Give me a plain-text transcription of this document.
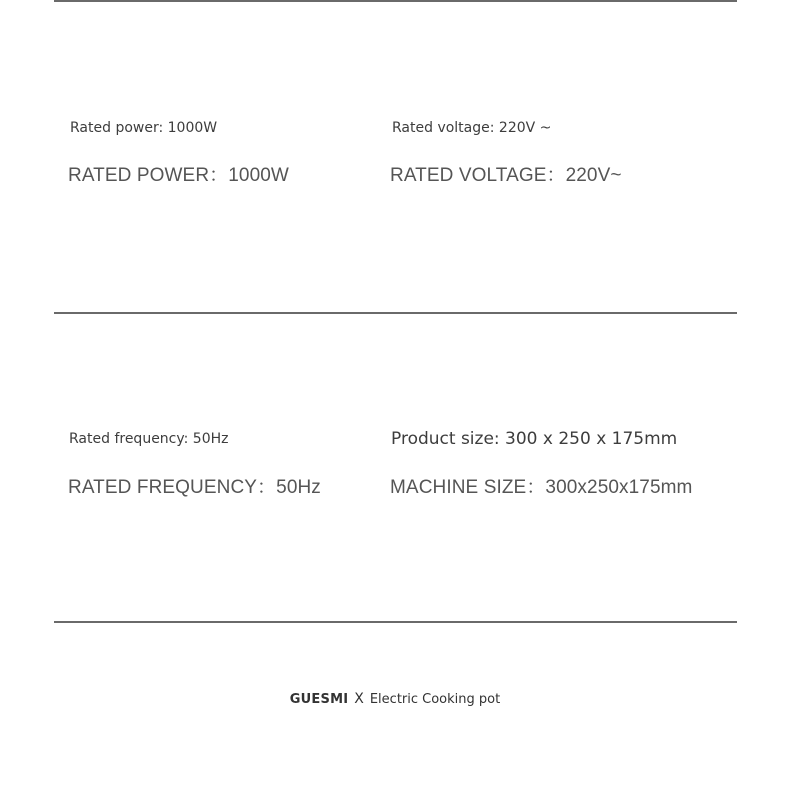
Rated power: 1000W
RATED POWER：1000W
Rated voltage: 220V ~
RATED VOLTAGE：220V~
Rated frequency: 50Hz
RATED FREQUENCY：50Hz
Product size: 300 x 250 x 175mm
MACHINE SIZE：300x250x175mm
GUESMI X Electric Cooking pot
